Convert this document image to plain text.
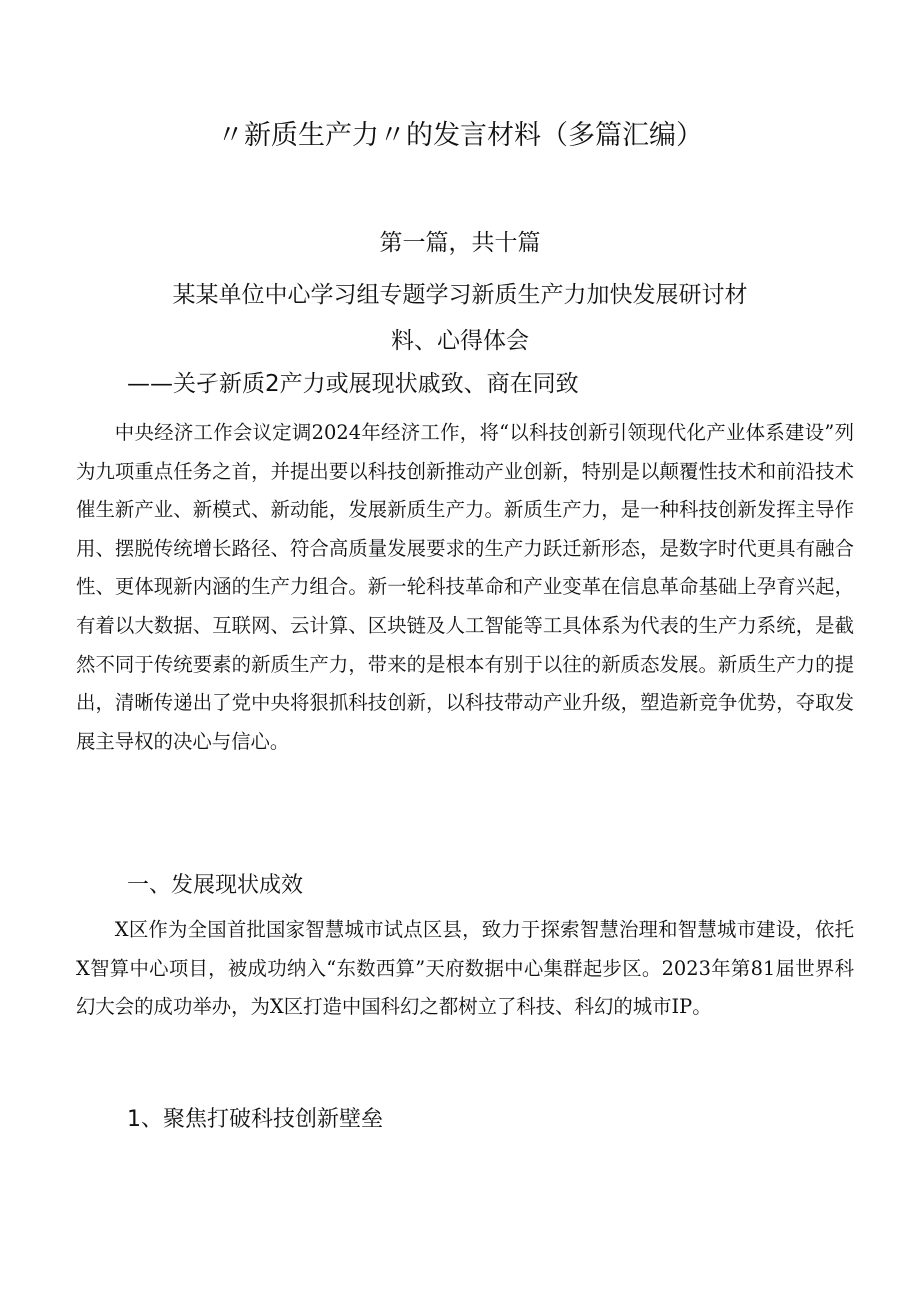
〃新质生产力〃的发言材料（多篇汇编）

第一篇，共十篇

某某单位中心学习组专题学习新质生产力加快发展研讨材

料、心得体会

——关孑新质2产力或展现状戚致、商在同致

中央经济工作会议定调2024年经济工作，将“以科技创新引领现代化产业体系建设”列为九项重点任务之首，并提出要以科技创新推动产业创新，特别是以颠覆性技术和前沿技术催生新产业、新模式、新动能，发展新质生产力。新质生产力，是一种科技创新发挥主导作用、摆脱传统增长路径、符合高质量发展要求的生产力跃迁新形态，是数字时代更具有融合性、更体现新内涵的生产力组合。新一轮科技革命和产业变革在信息革命基础上孕育兴起，有着以大数据、互联网、云计算、区块链及人工智能等工具体系为代表的生产力系统，是截然不同于传统要素的新质生产力，带来的是根本有别于以往的新质态发展。新质生产力的提出，清晰传递出了党中央将狠抓科技创新，以科技带动产业升级，塑造新竞争优势，夺取发展主导权的决心与信心。

一、发展现状成效

X区作为全国首批国家智慧城市试点区县，致力于探索智慧治理和智慧城市建设，依托X智算中心项目，被成功纳入“东数西算”天府数据中心集群起步区。2023年第81届世界科幻大会的成功举办，为X区打造中国科幻之都树立了科技、科幻的城市IP。

1、聚焦打破科技创新壁垒
